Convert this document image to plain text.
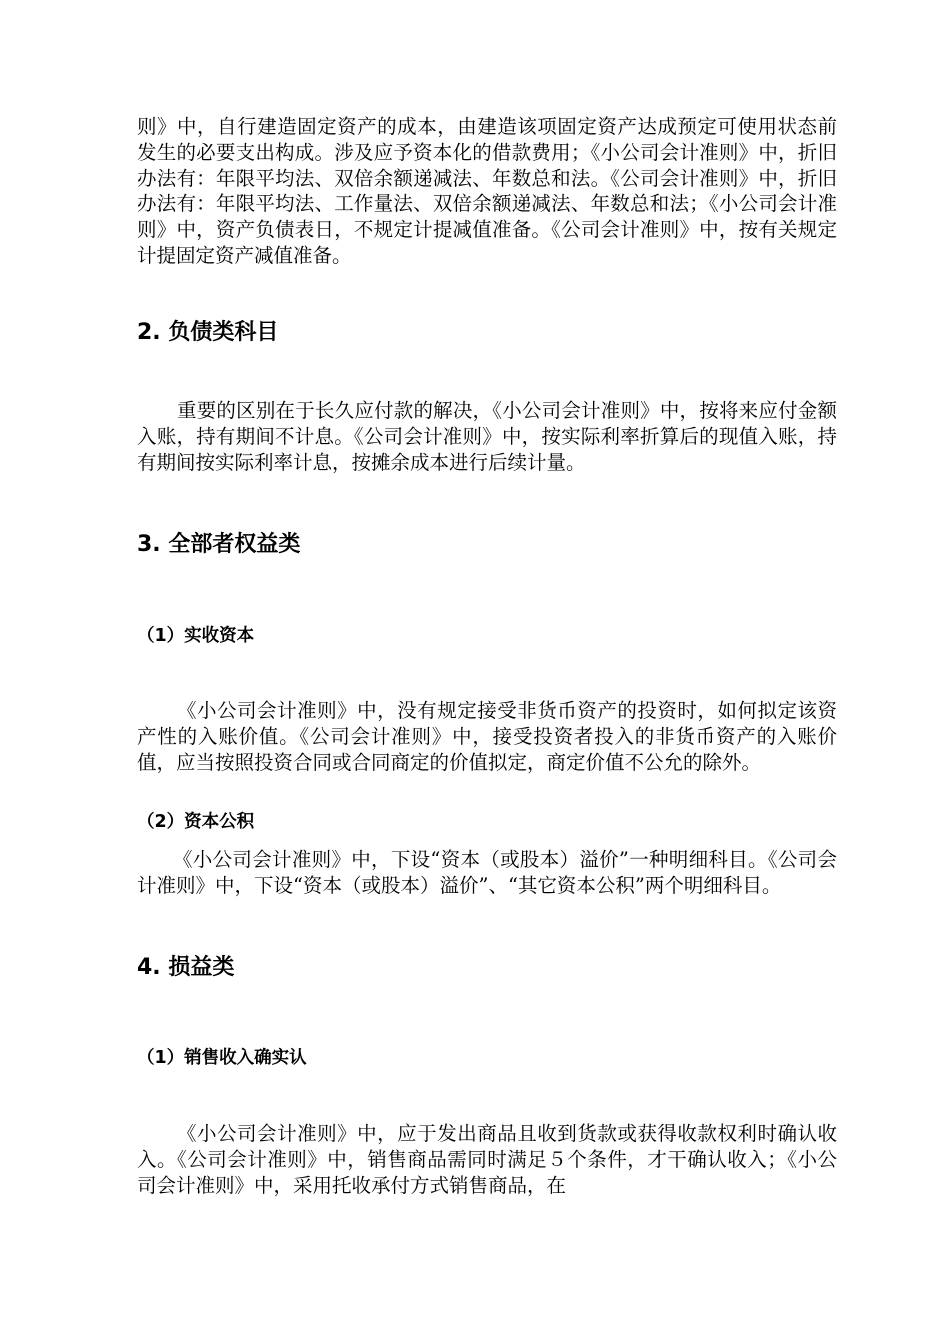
则》中，自行建造固定资产的成本，由建造该项固定资产达成预定可使用状态前发生的必要支出构成。涉及应予资本化的借款费用；《小公司会计准则》中，折旧办法有：年限平均法、双倍余额递减法、年数总和法。《公司会计准则》中，折旧办法有：年限平均法、工作量法、双倍余额递减法、年数总和法；《小公司会计准则》中，资产负债表日，不规定计提减值准备。《公司会计准则》中，按有关规定计提固定资产减值准备。

2. 负债类科目

重要的区别在于长久应付款的解决，《小公司会计准则》中，按将来应付金额入账，持有期间不计息。《公司会计准则》中，按实际利率折算后的现值入账，持有期间按实际利率计息，按摊余成本进行后续计量。

3. 全部者权益类
（1）实收资本

《小公司会计准则》中，没有规定接受非货币资产的投资时，如何拟定该资产性的入账价值。《公司会计准则》中，接受投资者投入的非货币资产的入账价值，应当按照投资合同或合同商定的价值拟定，商定价值不公允的除外。

（2）资本公积

《小公司会计准则》中，下设“资本（或股本）溢价”一种明细科目。《公司会计准则》中，下设“资本（或股本）溢价”、“其它资本公积”两个明细科目。

4. 损益类
（1）销售收入确实认

《小公司会计准则》中，应于发出商品且收到货款或获得收款权利时确认收入。《公司会计准则》中，销售商品需同时满足５个条件，才干确认收入；《小公司会计准则》中，采用托收承付方式销售商品，在
